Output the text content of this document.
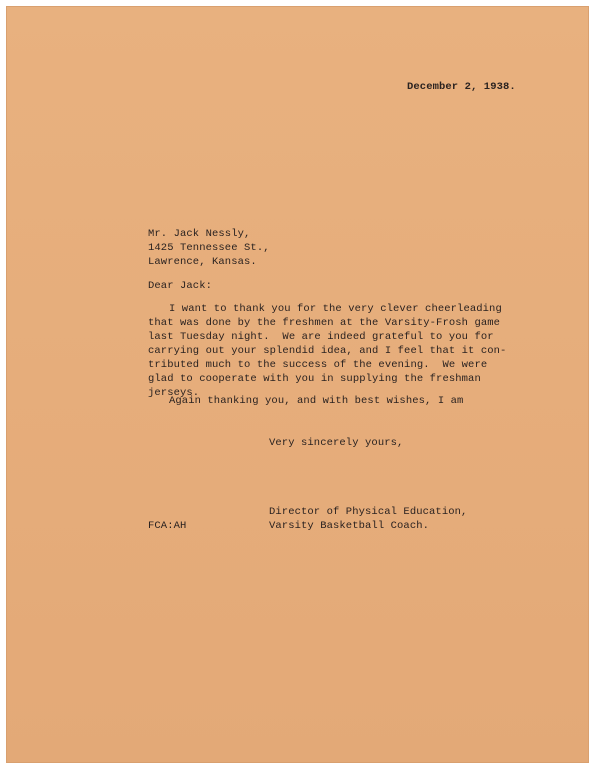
December 2, 1938.

Mr. Jack Nessly,

1425 Tennessee St.,

Lawrence, Kansas.

Dear Jack:

I want to thank you for the very clever cheerleading

that was done by the freshmen at the Varsity-Frosh game

last Tuesday night.  We are indeed grateful to you for

carrying out your splendid idea, and I feel that it con-

tributed much to the success of the evening.  We were

glad to cooperate with you in supplying the freshman

jerseys.

Again thanking you, and with best wishes, I am

Very sincerely yours,

Director of Physical Education,

Varsity Basketball Coach.

FCA:AH
